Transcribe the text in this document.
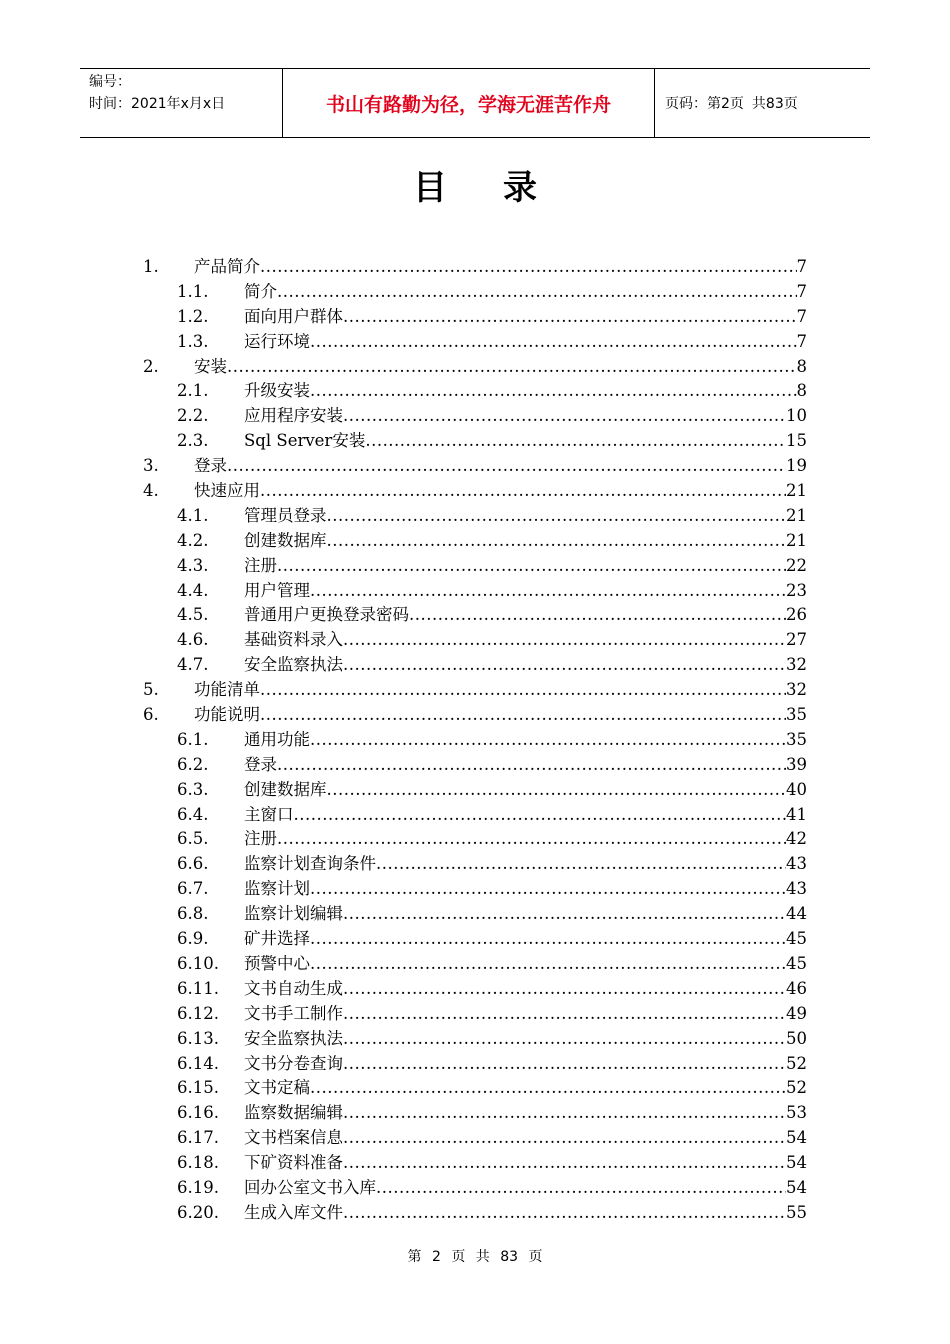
编号：
时间：2021年x月x日	书山有路勤为径，学海无涯苦作舟	页码：第2页 共83页
目录
1. 产品简介 .....	7
1.1. 简介 .....	7
1.2. 面向用户群体 .....	7
1.3. 运行环境 .....	7
2. 安装 .....	8
2.1. 升级安装 .....	8
2.2. 应用程序安装 .....	10
2.3. Sql Server安装 .....	15
3. 登录 .....	19
4. 快速应用 .....	21
4.1. 管理员登录 .....	21
4.2. 创建数据库 .....	21
4.3. 注册 .....	22
4.4. 用户管理 .....	23
4.5. 普通用户更换登录密码 .....	26
4.6. 基础资料录入 .....	27
4.7. 安全监察执法 .....	32
5. 功能清单 .....	32
6. 功能说明 .....	35
6.1. 通用功能 .....	35
6.2. 登录 .....	39
6.3. 创建数据库 .....	40
6.4. 主窗口 .....	41
6.5. 注册 .....	42
6.6. 监察计划查询条件 .....	43
6.7. 监察计划 .....	43
6.8. 监察计划编辑 .....	44
6.9. 矿井选择 .....	45
6.10. 预警中心 .....	45
6.11. 文书自动生成 .....	46
6.12. 文书手工制作 .....	49
6.13. 安全监察执法 .....	50
6.14. 文书分卷查询 .....	52
6.15. 文书定稿 .....	52
6.16. 监察数据编辑 .....	53
6.17. 文书档案信息 .....	54
6.18. 下矿资料准备 .....	54
6.19. 回办公室文书入库 .....	54
6.20. 生成入库文件 .....	55
第 2 页 共 83 页
